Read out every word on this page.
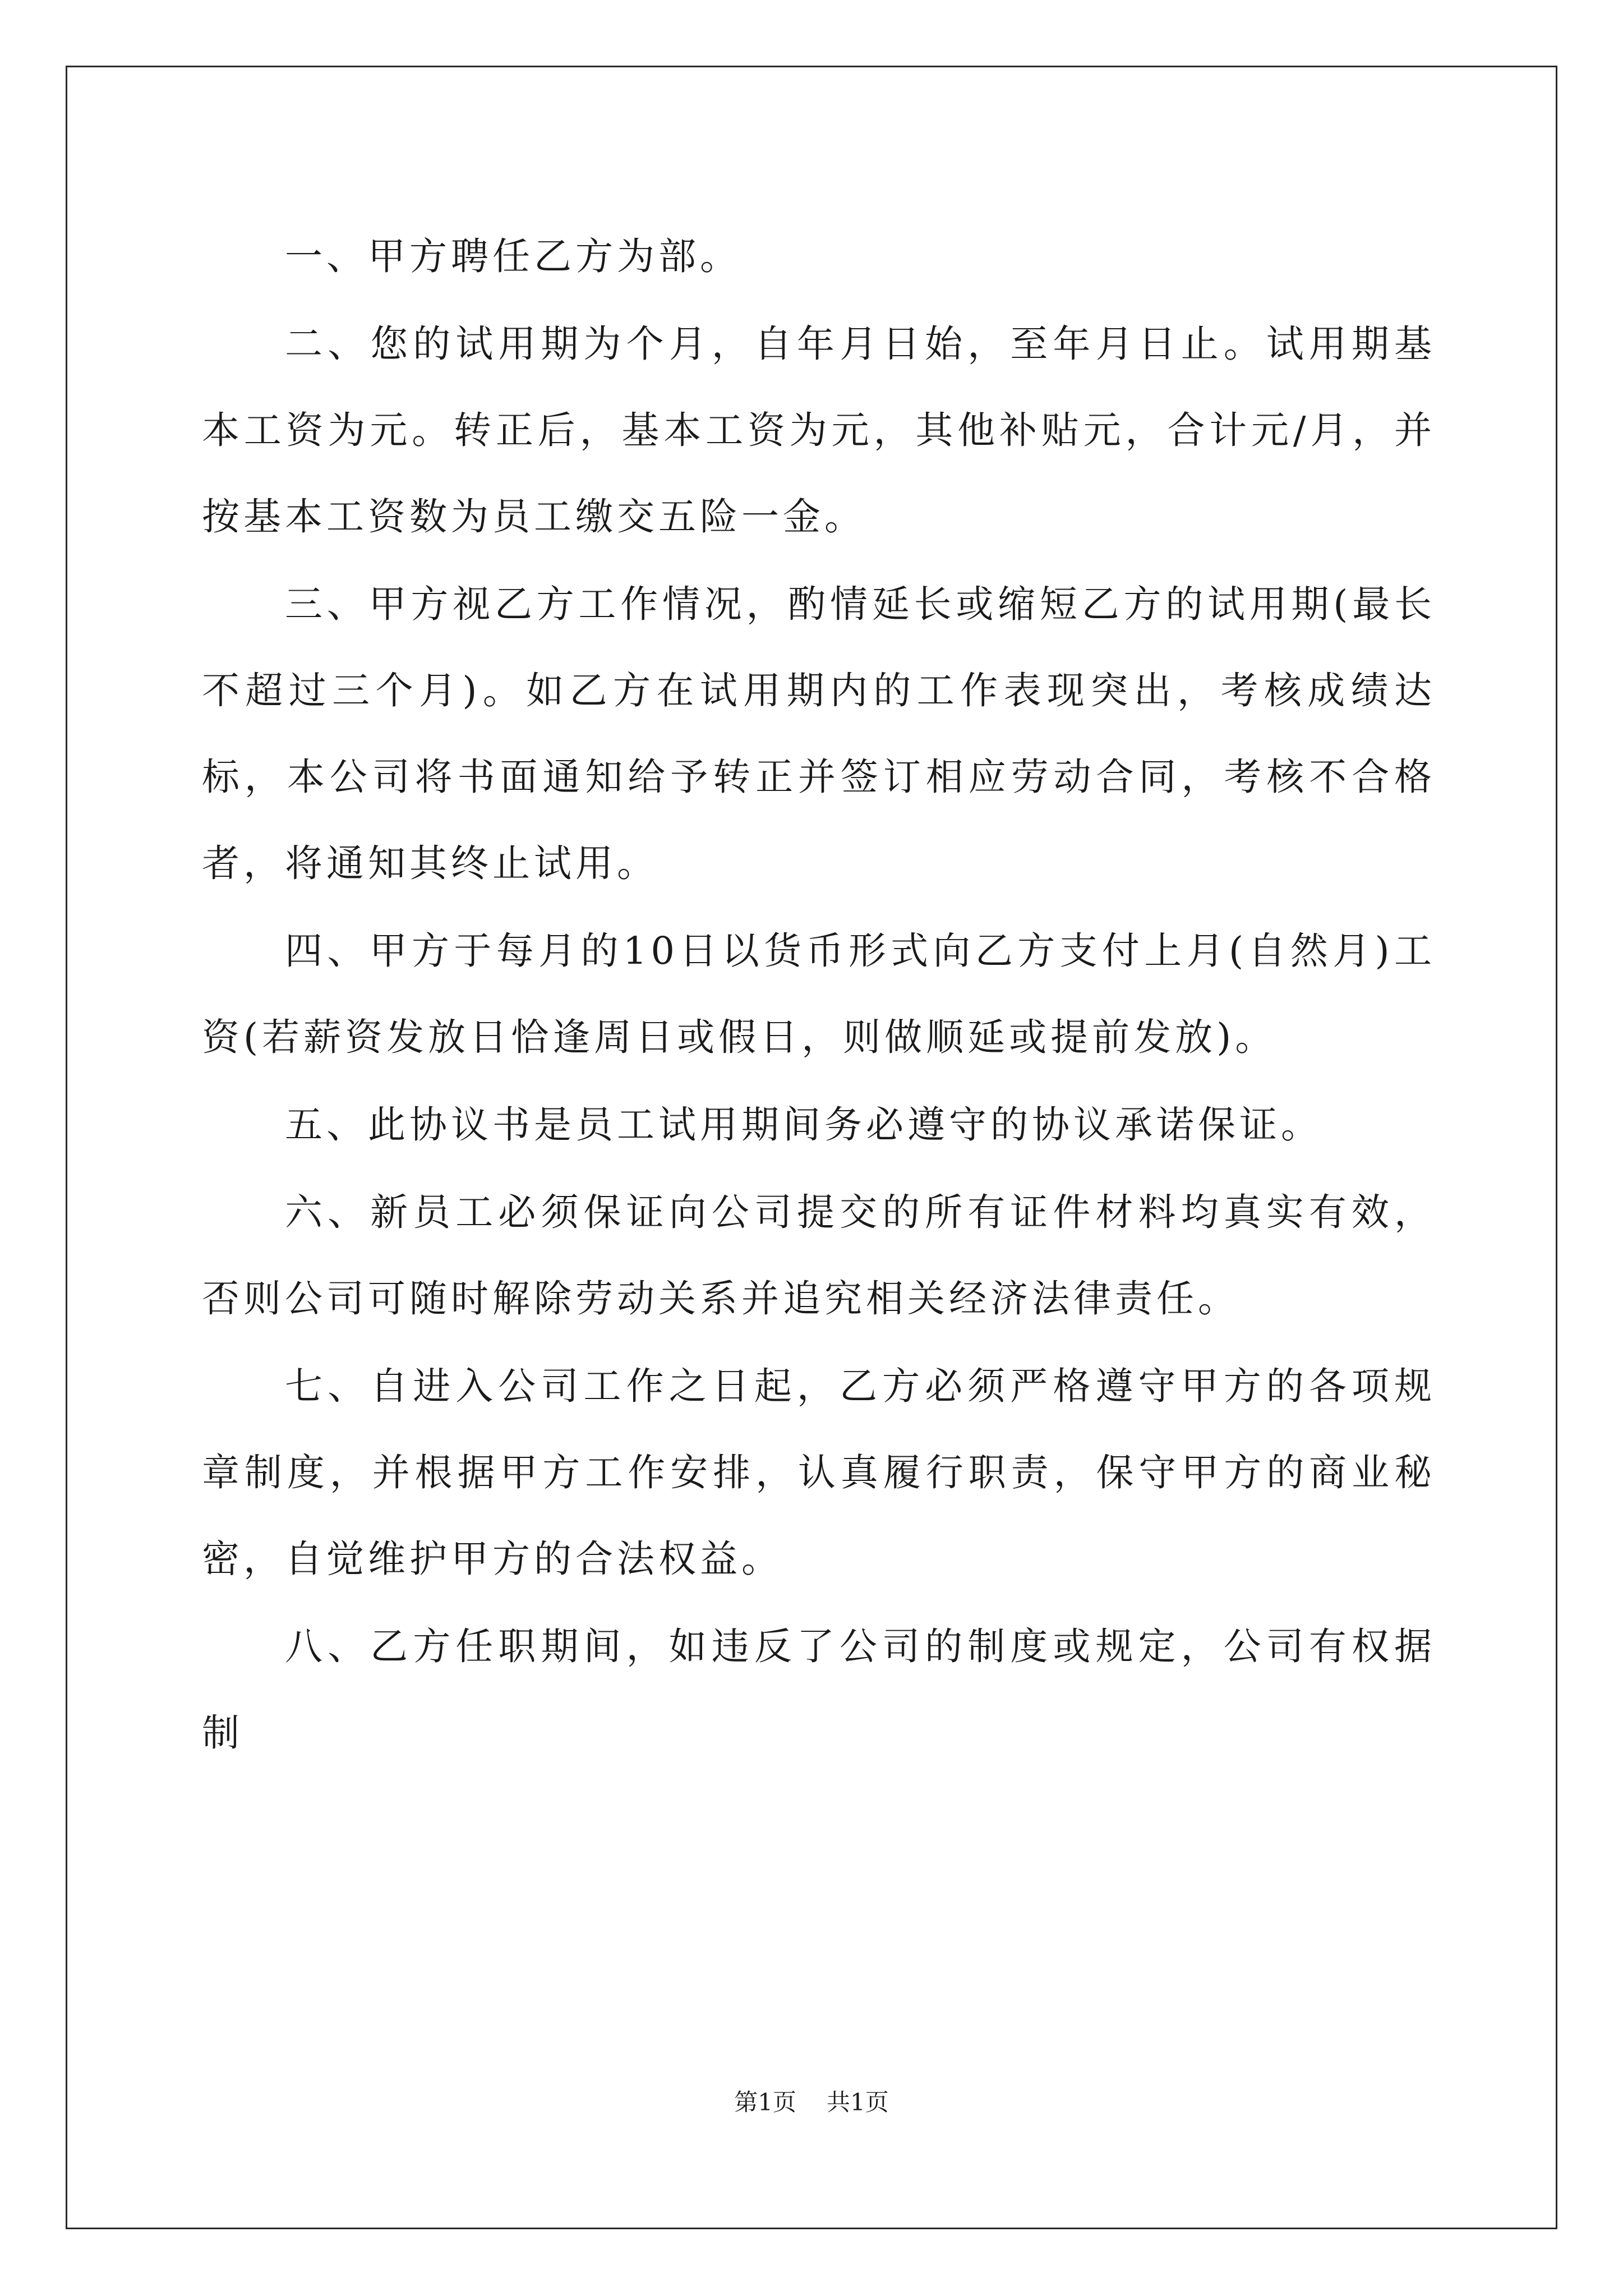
一、甲方聘任乙方为部。

二、您的试用期为个月，自年月日始，至年月日止。试用期基本工资为元。转正后，基本工资为元，其他补贴元，合计元/月，并按基本工资数为员工缴交五险一金。

三、甲方视乙方工作情况，酌情延长或缩短乙方的试用期(最长不超过三个月)。如乙方在试用期内的工作表现突出，考核成绩达标，本公司将书面通知给予转正并签订相应劳动合同，考核不合格者，将通知其终止试用。

四、甲方于每月的10日以货币形式向乙方支付上月(自然月)工资(若薪资发放日恰逢周日或假日，则做顺延或提前发放)。

五、此协议书是员工试用期间务必遵守的协议承诺保证。

六、新员工必须保证向公司提交的所有证件材料均真实有效，否则公司可随时解除劳动关系并追究相关经济法律责任。

七、自进入公司工作之日起，乙方必须严格遵守甲方的各项规章制度，并根据甲方工作安排，认真履行职责，保守甲方的商业秘密，自觉维护甲方的合法权益。

八、乙方任职期间，如违反了公司的制度或规定，公司有权据制

第1页 共1页
